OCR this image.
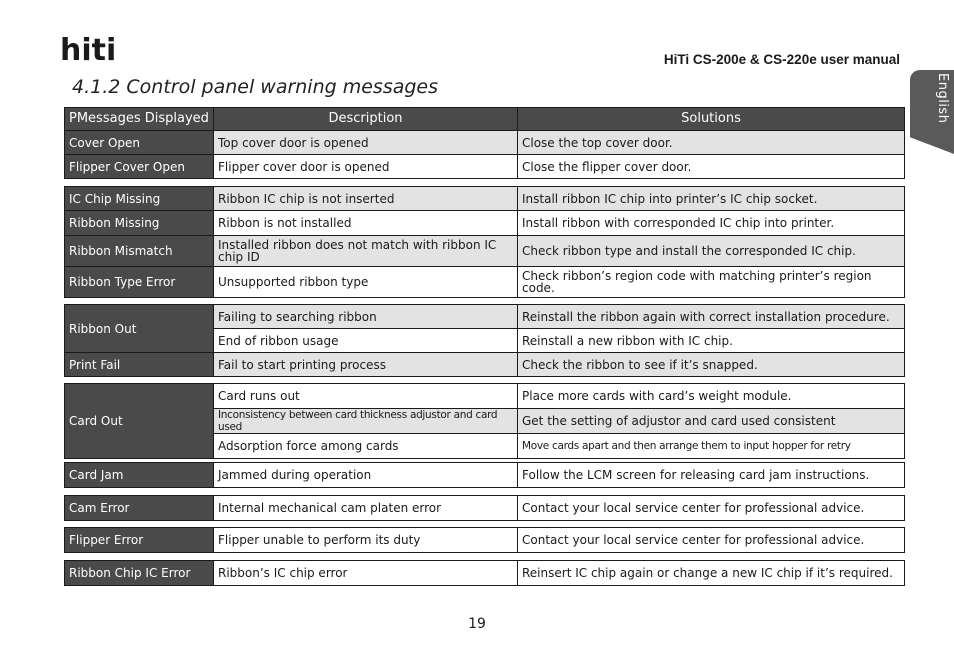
hiti	HiTi CS-200e & CS-220e user manual
4.1.2 Control panel warning messages	English
PMessages Displayed	Description	Solutions
Cover Open	Top cover door is opened	Close the top cover door.
Flipper Cover Open	Flipper cover door is opened	Close the flipper cover door.
IC Chip Missing	Ribbon IC chip is not inserted	Install ribbon IC chip into printer’s IC chip socket.
Ribbon Missing	Ribbon is not installed	Install ribbon with corresponded IC chip into printer.
Ribbon Mismatch	Installed ribbon does not match with ribbon IC chip ID	Check ribbon type and install the corresponded IC chip.
Ribbon Type Error	Unsupported ribbon type	Check ribbon’s region code with matching printer’s region code.
Ribbon Out	Failing to searching ribbon	Reinstall the ribbon again with correct installation procedure.
	End of ribbon usage	Reinstall a new ribbon with IC chip.
Print Fail	Fail to start printing process	Check the ribbon to see if it’s snapped.
Card Out	Card runs out	Place more cards with card’s weight module.
	Inconsistency between card thickness adjustor and card used	Get the setting of adjustor and card used consistent
	Adsorption force among cards	Move cards apart and then arrange them to input hopper for retry
Card Jam	Jammed during operation	Follow the LCM screen for releasing card jam instructions.
Cam Error	Internal mechanical cam platen error	Contact your local service center for professional advice.
Flipper Error	Flipper unable to perform its duty	Contact your local service center for professional advice.
Ribbon Chip IC Error	Ribbon’s IC chip error	Reinsert IC chip again or change a new IC chip if it’s required.
19
